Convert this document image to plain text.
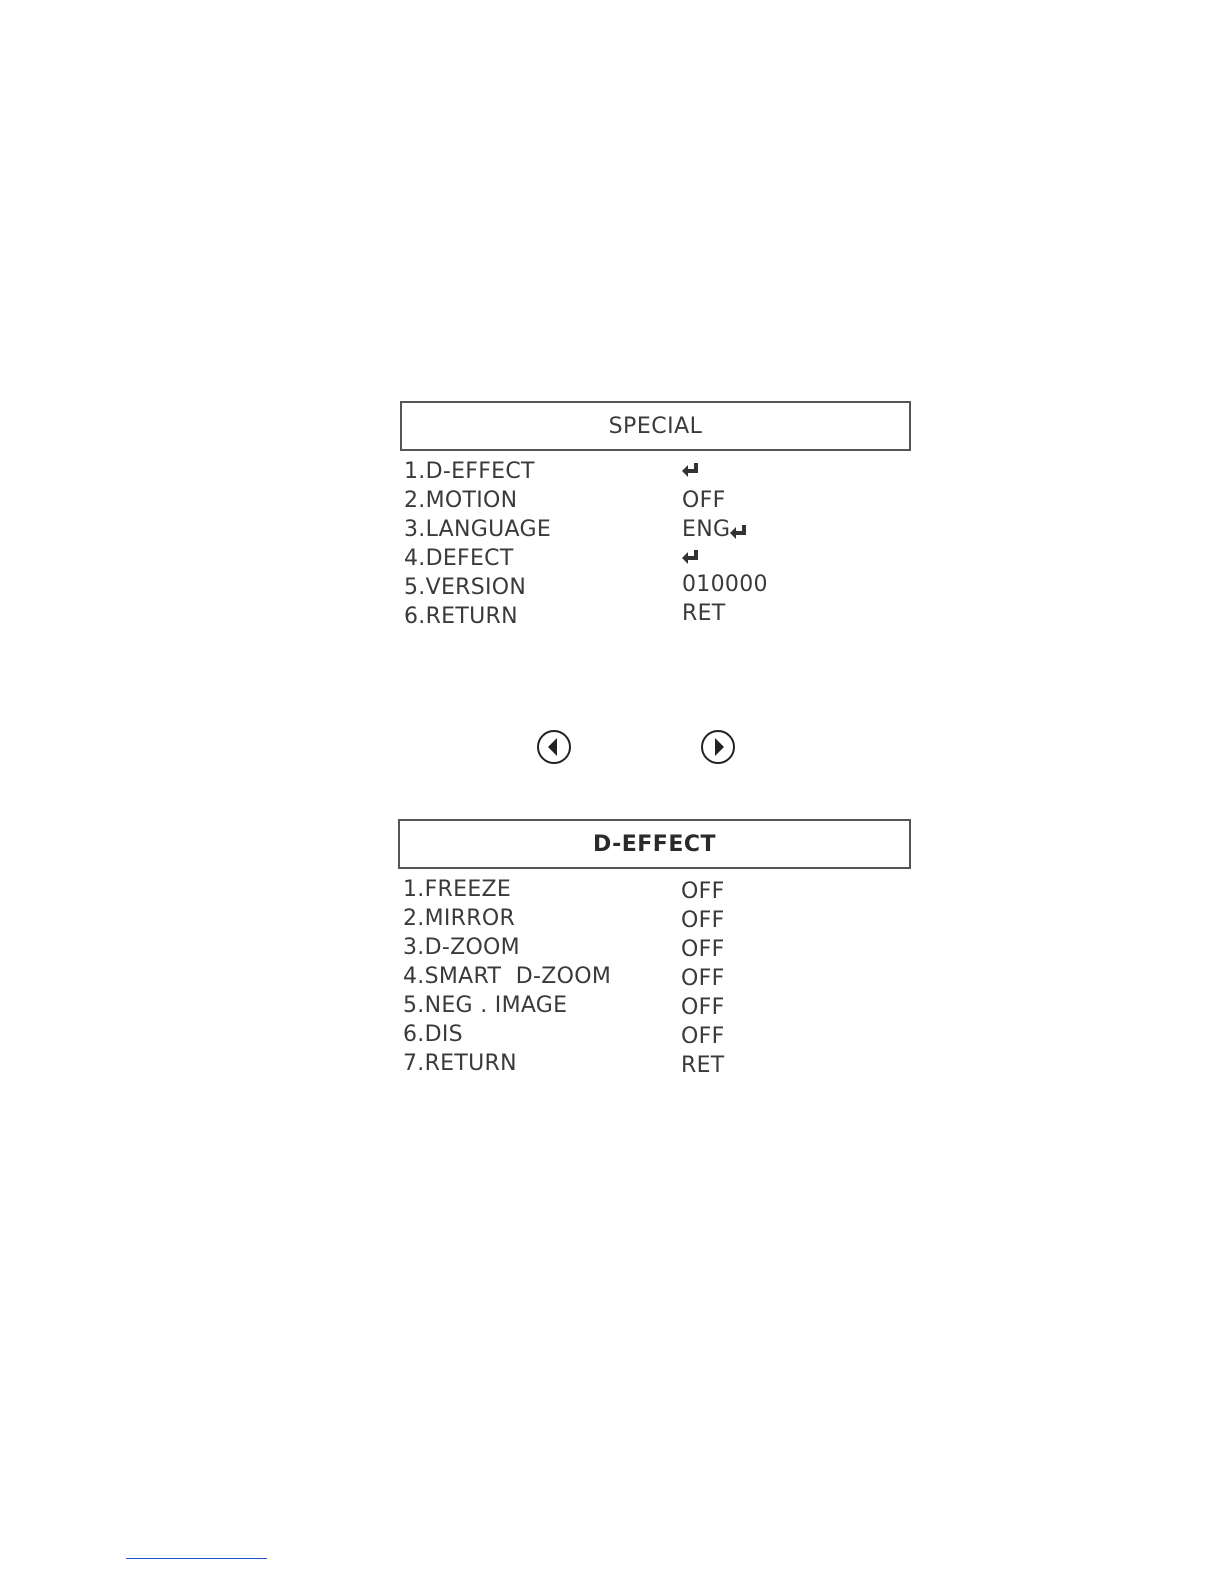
SPECIAL
1.D-EFFECT
2.MOTION	OFF
3.LANGUAGE	ENG
4.DEFECT
5.VERSION	010000
6.RETURN	RET
D-EFFECT
1.FREEZE	OFF
2.MIRROR	OFF
3.D-ZOOM	OFF
4.SMART  D-ZOOM	OFF
5.NEG . IMAGE	OFF
6.DIS	OFF
7.RETURN	RET
